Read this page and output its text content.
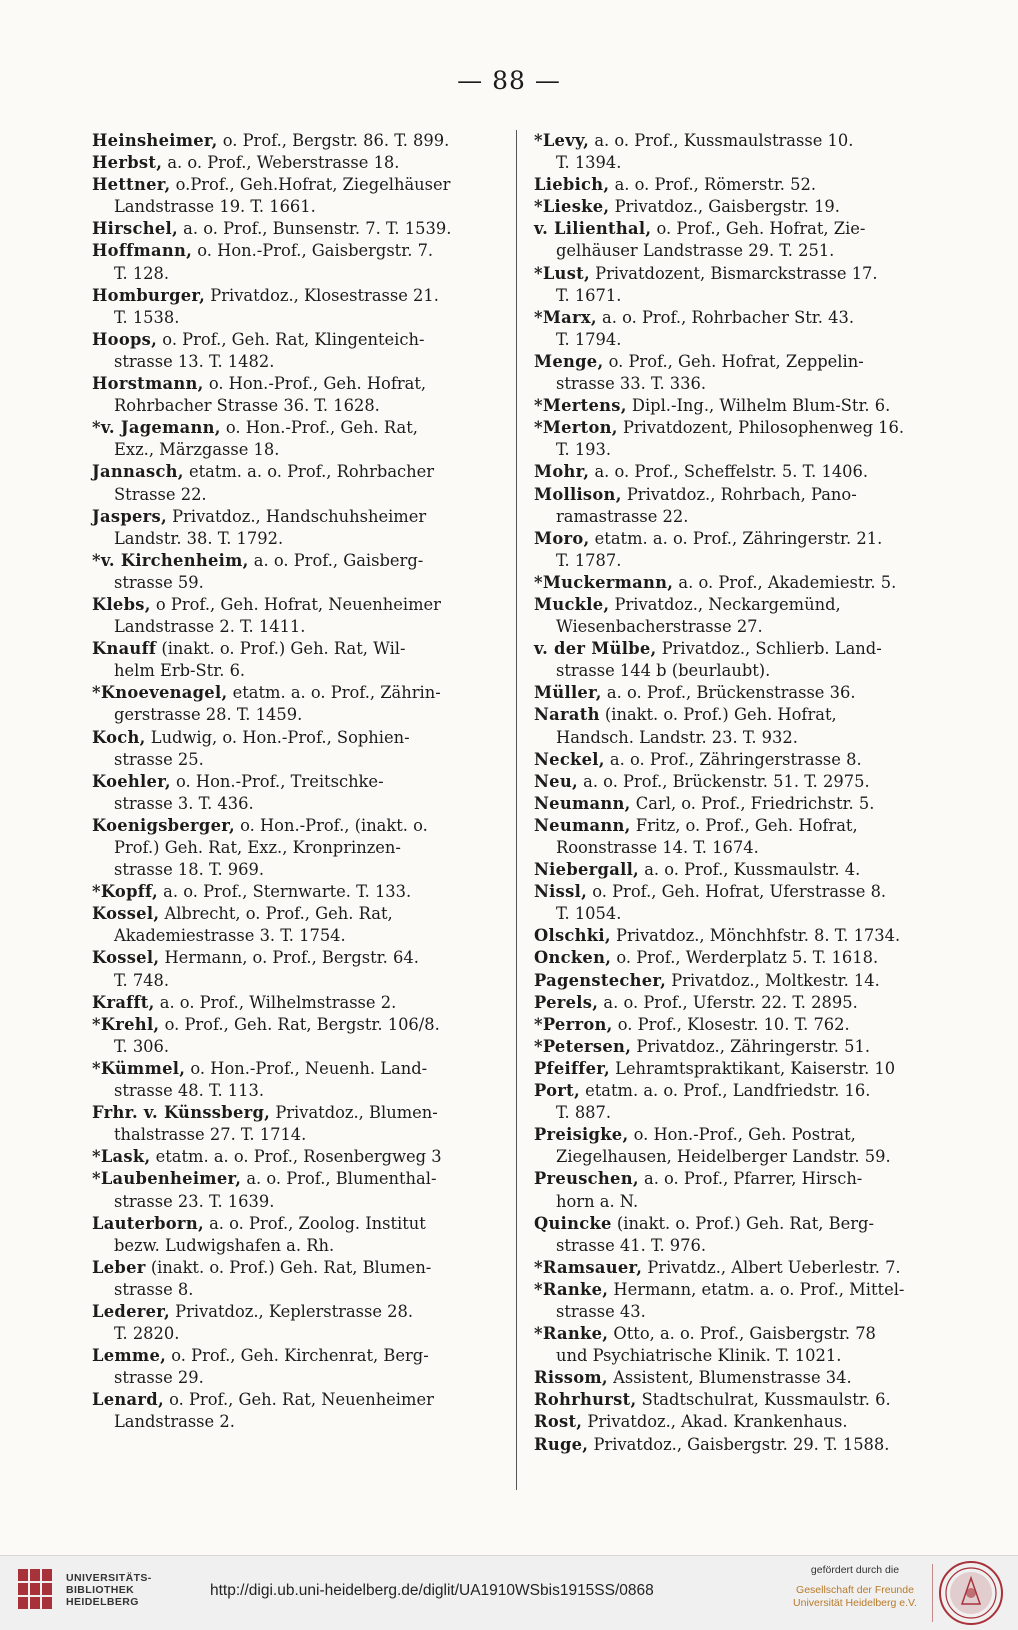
— 88 —
Heinsheimer, o. Prof., Bergstr. 86. T. 899.
Herbst, a. o. Prof., Weberstrasse 18.
Hettner, o.Prof., Geh.Hofrat, Ziegelhäuser
Landstrasse 19. T. 1661.
Hirschel, a. o. Prof., Bunsenstr. 7. T. 1539.
Hoffmann, o. Hon.-Prof., Gaisbergstr. 7.
T. 128.
Homburger, Privatdoz., Klosestrasse 21.
T. 1538.
Hoops, o. Prof., Geh. Rat, Klingenteich-
strasse 13. T. 1482.
Horstmann, o. Hon.-Prof., Geh. Hofrat,
Rohrbacher Strasse 36. T. 1628.
*v. Jagemann, o. Hon.-Prof., Geh. Rat,
Exz., Märzgasse 18.
Jannasch, etatm. a. o. Prof., Rohrbacher
Strasse 22.
Jaspers, Privatdoz., Handschuhsheimer
Landstr. 38. T. 1792.
*v. Kirchenheim, a. o. Prof., Gaisberg-
strasse 59.
Klebs, o Prof., Geh. Hofrat, Neuenheimer
Landstrasse 2. T. 1411.
Knauff (inakt. o. Prof.) Geh. Rat, Wil-
helm Erb-Str. 6.
*Knoevenagel, etatm. a. o. Prof., Zährin-
gerstrasse 28. T. 1459.
Koch, Ludwig, o. Hon.-Prof., Sophien-
strasse 25.
Koehler, o. Hon.-Prof., Treitschke-
strasse 3. T. 436.
Koenigsberger, o. Hon.-Prof., (inakt. o.
Prof.) Geh. Rat, Exz., Kronprinzen-
strasse 18. T. 969.
*Kopff, a. o. Prof., Sternwarte. T. 133.
Kossel, Albrecht, o. Prof., Geh. Rat,
Akademiestrasse 3. T. 1754.
Kossel, Hermann, o. Prof., Bergstr. 64.
T. 748.
Krafft, a. o. Prof., Wilhelmstrasse 2.
*Krehl, o. Prof., Geh. Rat, Bergstr. 106/8.
T. 306.
*Kümmel, o. Hon.-Prof., Neuenh. Land-
strasse 48. T. 113.
Frhr. v. Künssberg, Privatdoz., Blumen-
thalstrasse 27. T. 1714.
*Lask, etatm. a. o. Prof., Rosenbergweg 3
*Laubenheimer, a. o. Prof., Blumenthal-
strasse 23. T. 1639.
Lauterborn, a. o. Prof., Zoolog. Institut
bezw. Ludwigshafen a. Rh.
Leber (inakt. o. Prof.) Geh. Rat, Blumen-
strasse 8.
Lederer, Privatdoz., Keplerstrasse 28.
T. 2820.
Lemme, o. Prof., Geh. Kirchenrat, Berg-
strasse 29.
Lenard, o. Prof., Geh. Rat, Neuenheimer
Landstrasse 2.
*Levy, a. o. Prof., Kussmaulstrasse 10.
T. 1394.
Liebich, a. o. Prof., Römerstr. 52.
*Lieske, Privatdoz., Gaisbergstr. 19.
v. Lilienthal, o. Prof., Geh. Hofrat, Zie-
gelhäuser Landstrasse 29. T. 251.
*Lust, Privatdozent, Bismarckstrasse 17.
T. 1671.
*Marx, a. o. Prof., Rohrbacher Str. 43.
T. 1794.
Menge, o. Prof., Geh. Hofrat, Zeppelin-
strasse 33. T. 336.
*Mertens, Dipl.-Ing., Wilhelm Blum-Str. 6.
*Merton, Privatdozent, Philosophenweg 16.
T. 193.
Mohr, a. o. Prof., Scheffelstr. 5. T. 1406.
Mollison, Privatdoz., Rohrbach, Pano-
ramastrasse 22.
Moro, etatm. a. o. Prof., Zähringerstr. 21.
T. 1787.
*Muckermann, a. o. Prof., Akademiestr. 5.
Muckle, Privatdoz., Neckargemünd,
Wiesenbacherstrasse 27.
v. der Mülbe, Privatdoz., Schlierb. Land-
strasse 144 b (beurlaubt).
Müller, a. o. Prof., Brückenstrasse 36.
Narath (inakt. o. Prof.) Geh. Hofrat,
Handsch. Landstr. 23. T. 932.
Neckel, a. o. Prof., Zähringerstrasse 8.
Neu, a. o. Prof., Brückenstr. 51. T. 2975.
Neumann, Carl, o. Prof., Friedrichstr. 5.
Neumann, Fritz, o. Prof., Geh. Hofrat,
Roonstrasse 14. T. 1674.
Niebergall, a. o. Prof., Kussmaulstr. 4.
Nissl, o. Prof., Geh. Hofrat, Uferstrasse 8.
T. 1054.
Olschki, Privatdoz., Mönchhfstr. 8. T. 1734.
Oncken, o. Prof., Werderplatz 5. T. 1618.
Pagenstecher, Privatdoz., Moltkestr. 14.
Perels, a. o. Prof., Uferstr. 22. T. 2895.
*Perron, o. Prof., Klosestr. 10. T. 762.
*Petersen, Privatdoz., Zähringerstr. 51.
Pfeiffer, Lehramtspraktikant, Kaiserstr. 10
Port, etatm. a. o. Prof., Landfriedstr. 16.
T. 887.
Preisigke, o. Hon.-Prof., Geh. Postrat,
Ziegelhausen, Heidelberger Landstr. 59.
Preuschen, a. o. Prof., Pfarrer, Hirsch-
horn a. N.
Quincke (inakt. o. Prof.) Geh. Rat, Berg-
strasse 41. T. 976.
*Ramsauer, Privatdz., Albert Ueberlestr. 7.
*Ranke, Hermann, etatm. a. o. Prof., Mittel-
strasse 43.
*Ranke, Otto, a. o. Prof., Gaisbergstr. 78
und Psychiatrische Klinik. T. 1021.
Rissom, Assistent, Blumenstrasse 34.
Rohrhurst, Stadtschulrat, Kussmaulstr. 6.
Rost, Privatdoz., Akad. Krankenhaus.
Ruge, Privatdoz., Gaisbergstr. 29. T. 1588.
UNIVERSITÄTS-
BIBLIOTHEK
HEIDELBERG
http://digi.ub.uni-heidelberg.de/diglit/UA1910WSbis1915SS/0868
gefördert durch die
Gesellschaft der Freunde
Universität Heidelberg e.V.
